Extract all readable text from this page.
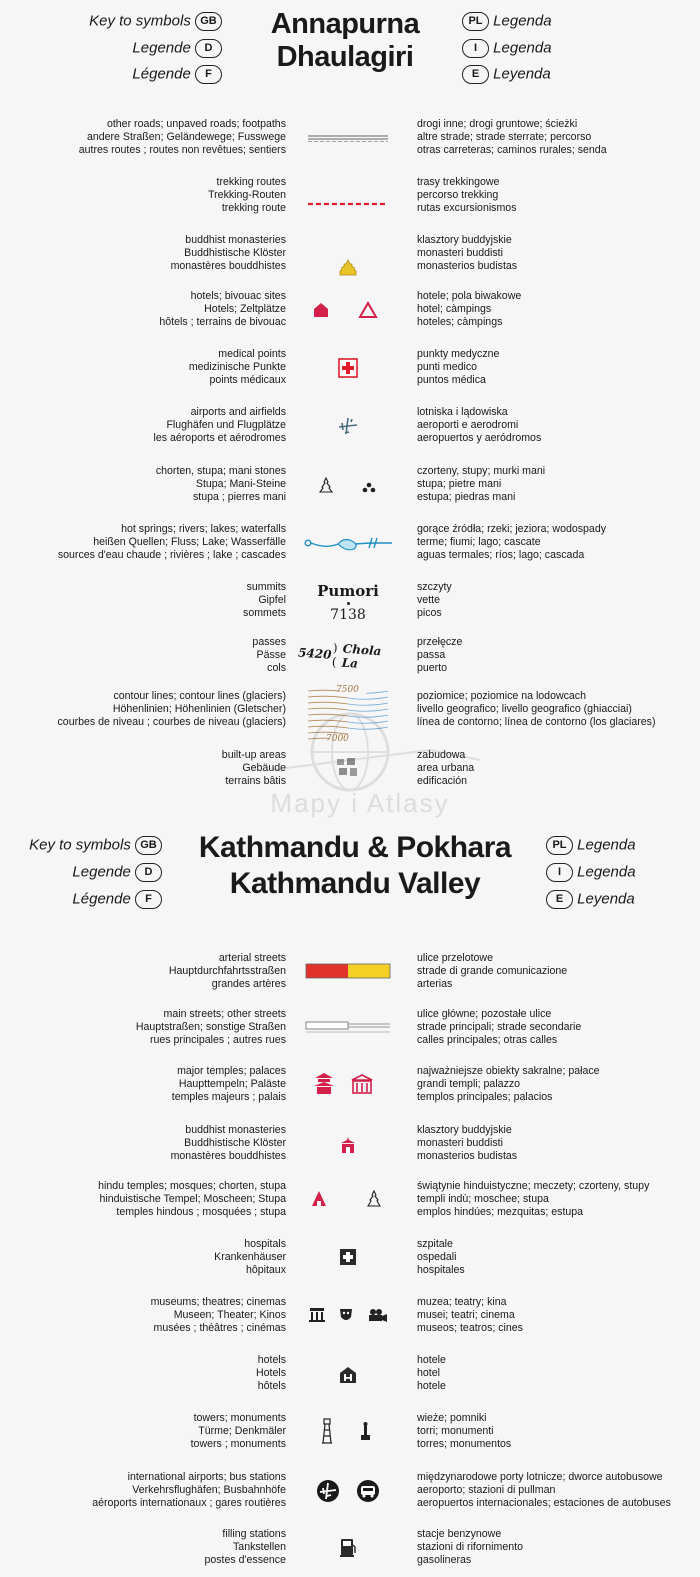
Key to symbols GB
Legende D
Légende F
Annapurna
Dhaulagiri
PL Legenda
I Legenda
E Leyenda
other roads; unpaved roads; footpaths
andere Straßen; Geländewege; Fusswege
autres routes ; routes non revêtues; sentiers
drogi inne; drogi gruntowe; ścieżki
altre strade; strade sterrate; percorso
otras carreteras; caminos rurales; senda
trekking routes
Trekking-Routen
trekking route
trasy trekkingowe
percorso trekking
rutas excursionismos
buddhist monasteries
Buddhistische Klöster
monastères bouddhistes
klasztory buddyjskie
monasteri buddisti
monasterios budistas
hotels; bivouac sites
Hotels; Zeltplätze
hôtels ; terrains de bivouac
hotele; pola biwakowe
hotel; càmpings
hoteles; càmpings
medical points
medizinische Punkte
points médicaux
punkty medyczne
punti medico
puntos médica
airports and airfields
Flughäfen und Flugplätze
les aéroports et aérodromes
lotniska i lądowiska
aeroporti e aerodromi
aeropuertos y aeródromos
chorten, stupa; mani stones
Stupa; Mani-Steine
stupa ; pierres mani
czorteny, stupy; murki mani
stupa; pietre mani
estupa; piedras mani
hot springs; rivers; lakes; waterfalls
heißen Quellen; Fluss; Lake; Wasserfälle
sources d'eau chaude ; rivières ; lake ; cascades
gorące źródła; rzeki; jeziora; wodospady
terme; fiumi; lago; cascate
aguas termales; ríos; lago; cascada
summits
Gipfel
sommets
Pumori
7138
szczyty
vette
picos
passes
Pässe
cols
5420 )(
Chola La
przełęcze
passa
puerto
contour lines; contour lines (glaciers)
Höhenlinien; Höhenlinien (Gletscher)
courbes de niveau ; courbes de niveau (glaciers)
7500
7000
poziomice; poziomice na lodowcach
livello geografico; livello geografico (ghiacciai)
línea de contorno; línea de contorno (los glaciares)
built-up areas
Gebäude
terrains bâtis
zabudowa
area urbana
edificación
Mapy i Atlasy
Key to symbols GB
Legende D
Légende F
Kathmandu & Pokhara
Kathmandu Valley
PL Legenda
I Legenda
E Leyenda
arterial streets
Hauptdurchfahrtsstraßen
grandes artères
ulice przelotowe
strade di grande comunicazione
arterias
main streets; other streets
Hauptstraßen; sonstige Straßen
rues principales ; autres rues
ulice główne; pozostałe ulice
strade principali; strade secondarie
calles principales; otras calles
major temples; palaces
Haupttempeln; Paläste
temples majeurs ; palais
najważniejsze obiekty sakralne; pałace
grandi templi; palazzo
templos principales; palacios
buddhist monasteries
Buddhistische Klöster
monastères bouddhistes
klasztory buddyjskie
monasteri buddisti
monasterios budistas
hindu temples; mosques; chorten, stupa
hinduistische Tempel; Moscheen; Stupa
temples hindous ; mosquées ; stupa
świątynie hinduistyczne; meczety; czorteny, stupy
templi indù; moschee; stupa
emplos hindúes; mezquitas; estupa
hospitals
Krankenhäuser
hôpitaux
szpitale
ospedali
hospitales
museums; theatres; cinemas
Museen; Theater; Kinos
musées ; théâtres ; cinémas
muzea; teatry; kina
musei; teatri; cinema
museos; teatros; cines
hotels
Hotels
hôtels
hotele
hotel
hotele
towers; monuments
Türme; Denkmäler
towers ; monuments
wieże; pomniki
torri; monumenti
torres; monumentos
international airports; bus stations
Verkehrsflughäfen; Busbahnhöfe
aéroports internationaux ; gares routières
międzynarodowe porty lotnicze; dworce autobusowe
aeroporto; stazioni di pullman
aeropuertos internacionales; estaciones de autobuses
filling stations
Tankstellen
postes d'essence
stacje benzynowe
stazioni di rifornimento
gasolineras
